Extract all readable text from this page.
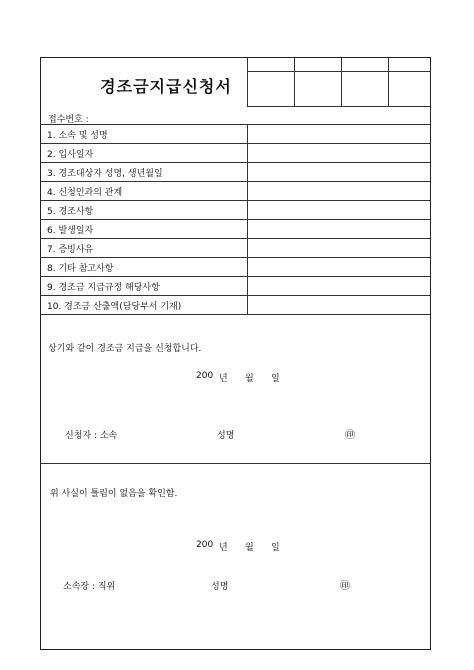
경조금지급신청서
접수번호 :
1. 소속 및 성명
2. 입사일자
3. 경조대상자 성명, 생년월일
4. 신청인과의 관계
5. 경조사항
6. 발생일자
7. 증빙사유
8. 기타 참고사항
9. 경조금 지급규정 해당사항
10. 경조금 산출액(담당부서 기재)
상기와 같이 경조금 지급을 신청합니다.
200 년 월 일
신청자 : 소속	성명	㊞
위 사실이 틀림이 없음을 확인함.
200 년 월 일
소속장 : 직위	성명	㊞
